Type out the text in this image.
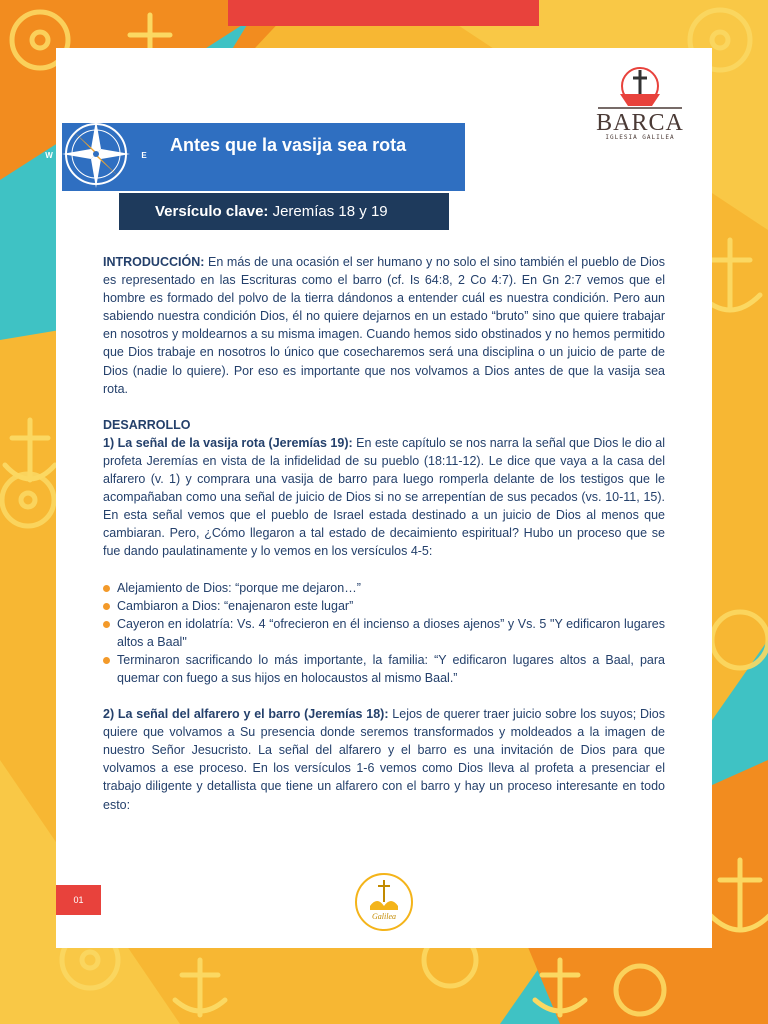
Antes que la vasija sea rota
N
S
E
W
Versículo clave: Jeremías 18 y 19
BARCA
IGLESIA GALILEA

INTRODUCCIÓN: En más de una ocasión el ser humano y no solo el sino también el pueblo de Dios es representado en las Escrituras como el barro (cf. Is 64:8, 2 Co 4:7). En Gn 2:7 vemos que el hombre es formado del polvo de la tierra dándonos a entender cuál es nuestra condición. Pero aun sabiendo nuestra condición Dios, él no quiere dejarnos en un estado “bruto” sino que quiere trabajar en nosotros y moldearnos a su misma imagen. Cuando hemos sido obstinados y no hemos permitido que Dios trabaje en nosotros lo único que cosecharemos será una disciplina o un juicio de parte de Dios (nadie lo quiere). Por eso es importante que nos volvamos a Dios antes de que la vasija sea rota.

DESARROLLO

1) La señal de la vasija rota (Jeremías 19): En este capítulo se nos narra la señal que Dios le dio al profeta Jeremías en vista de la infidelidad de su pueblo (18:11-12). Le dice que vaya a la casa del alfarero (v. 1) y comprara una vasija de barro para luego romperla delante de los testigos que le acompañaban como una señal de juicio de Dios si no se arrepentían de sus pecados (vs. 10-11, 15). En esta señal vemos que el pueblo de Israel estada destinado a un juicio de Dios al menos que cambiaran. Pero, ¿Cómo llegaron a tal estado de decaimiento espiritual? Hubo un proceso que se fue dando paulatinamente y lo vemos en los versículos 4-5:

Alejamiento de Dios: “porque me dejaron…”
Cambiaron a Dios: “enajenaron este lugar”
Cayeron en idolatría: Vs. 4 “ofrecieron en él incienso a dioses ajenos” y Vs. 5 "Y edificaron lugares altos a Baal"
Terminaron sacrificando lo más importante, la familia: “Y edificaron lugares altos a Baal, para quemar con fuego a sus hijos en holocaustos al mismo Baal.”

2) La señal del alfarero y el barro (Jeremías 18): Lejos de querer traer juicio sobre los suyos; Dios quiere que volvamos a Su presencia donde seremos transformados y moldeados a la imagen de nuestro Señor Jesucristo. La señal del alfarero y el barro es una invitación de Dios para que volvamos a ese proceso. En los versículos 1-6 vemos como Dios lleva al profeta a presenciar el trabajo diligente y detallista que tiene un alfarero con el barro y hay un proceso interesante en todo esto:

01
Galilea
